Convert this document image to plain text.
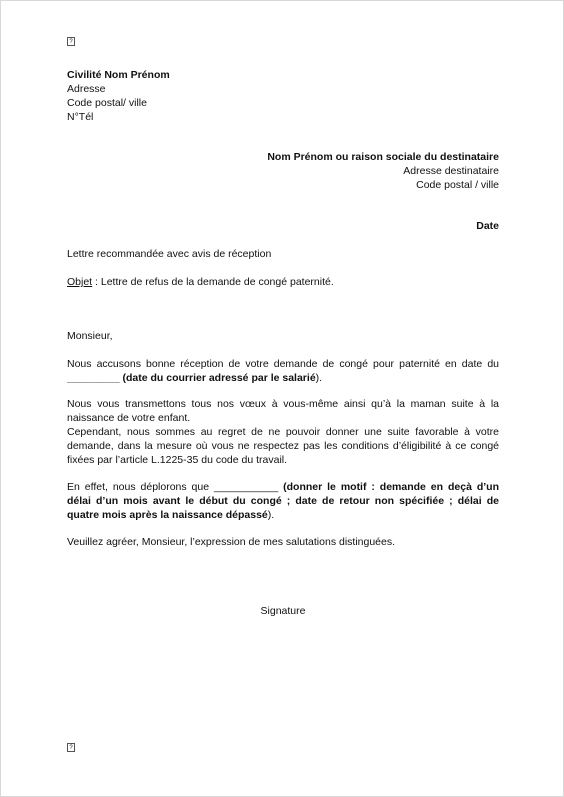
?
Civilité Nom Prénom
Adresse
Code postal/ ville
N°Tél
Nom Prénom ou raison sociale du destinataire
Adresse destinataire
Code postal / ville
Date
Lettre recommandée avec avis de réception
Objet : Lettre de refus de la demande de congé paternité.
Monsieur,
Nous accusons bonne réception de votre demande de congé pour paternité en date du _________ (date du courrier adressé par le salarié).
Nous vous transmettons tous nos vœux à vous-même ainsi qu’à la maman suite à la naissance de votre enfant.
Cependant, nous sommes au regret de ne pouvoir donner une suite favorable à votre demande, dans la mesure où vous ne respectez pas les conditions d’éligibilité à ce congé fixées par l’article L.1225-35 du code du travail.
En effet, nous déplorons que ___________ (donner le motif : demande en deçà d’un délai d’un mois avant le début du congé ; date de retour non spécifiée ; délai de quatre mois après la naissance dépassé).
Veuillez agréer, Monsieur, l’expression de mes salutations distinguées.
Signature
?
